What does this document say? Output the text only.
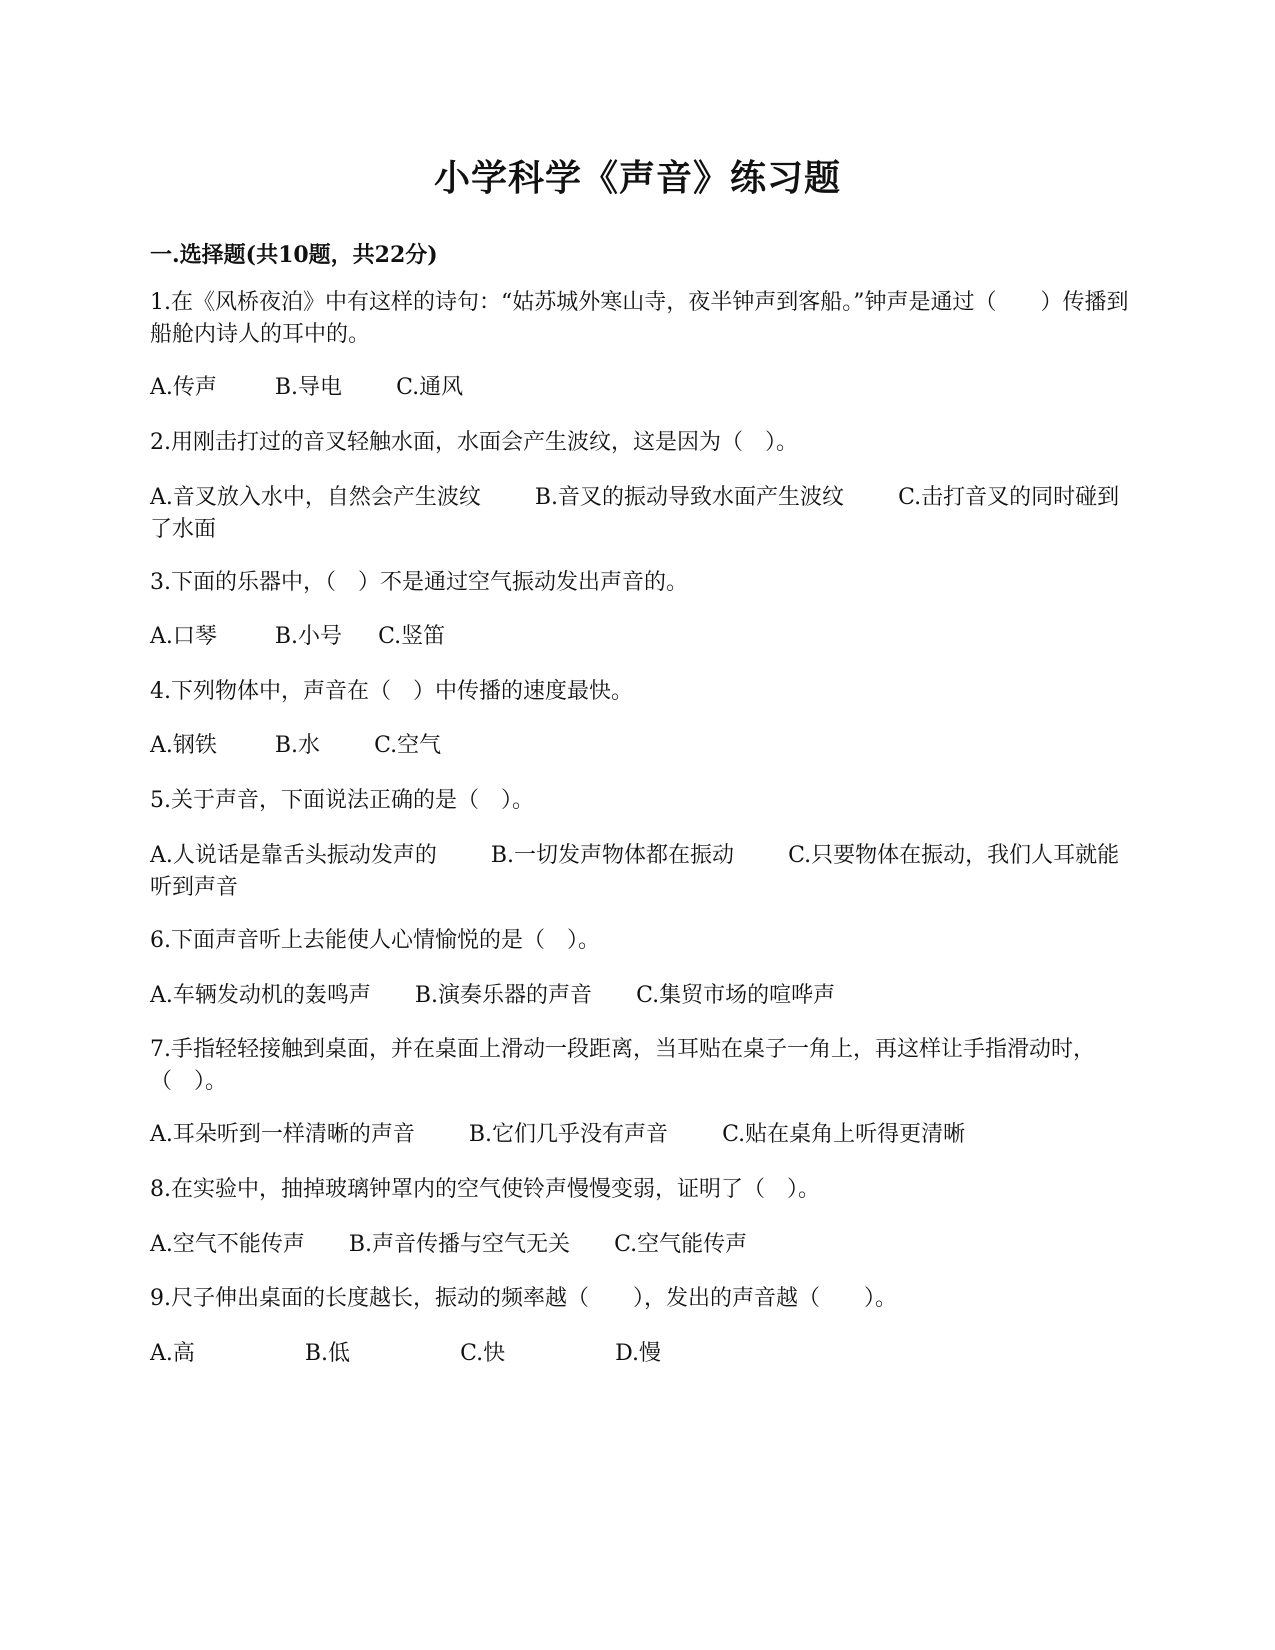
小学科学《声音》练习题
一.选择题(共10题，共22分)
1.在《风桥夜泊》中有这样的诗句：“姑苏城外寒山寺，夜半钟声到客船。”钟声是通过（　　）传播到船舱内诗人的耳中的。
A.传声	B.导电 C.通风
2.用刚击打过的音叉轻触水面，水面会产生波纹，这是因为（　）。
A.音叉放入水中，自然会产生波纹 B.音叉的振动导致水面产生波纹 C.击打音叉的同时碰到了水面
3.下面的乐器中，（　）不是通过空气振动发出声音的。
A.口琴	B.小号 C.竖笛
4.下列物体中，声音在（　）中传播的速度最快。
A.钢铁	B.水 C.空气
5.关于声音，下面说法正确的是（　）。
A.人说话是靠舌头振动发声的 B.一切发声物体都在振动 C.只要物体在振动，我们人耳就能听到声音
6.下面声音听上去能使人心情愉悦的是（　）。
A.车辆发动机的轰鸣声 B.演奏乐器的声音 C.集贸市场的喧哗声
7.手指轻轻接触到桌面，并在桌面上滑动一段距离，当耳贴在桌子一角上，再这样让手指滑动时，（　）。
A.耳朵听到一样清晰的声音 B.它们几乎没有声音 C.贴在桌角上听得更清晰
8.在实验中，抽掉玻璃钟罩内的空气使铃声慢慢变弱，证明了（　）。
A.空气不能传声 B.声音传播与空气无关 C.空气能传声
9.尺子伸出桌面的长度越长，振动的频率越（　　），发出的声音越（　　）。
A.高	B.低	C.快	D.慢
